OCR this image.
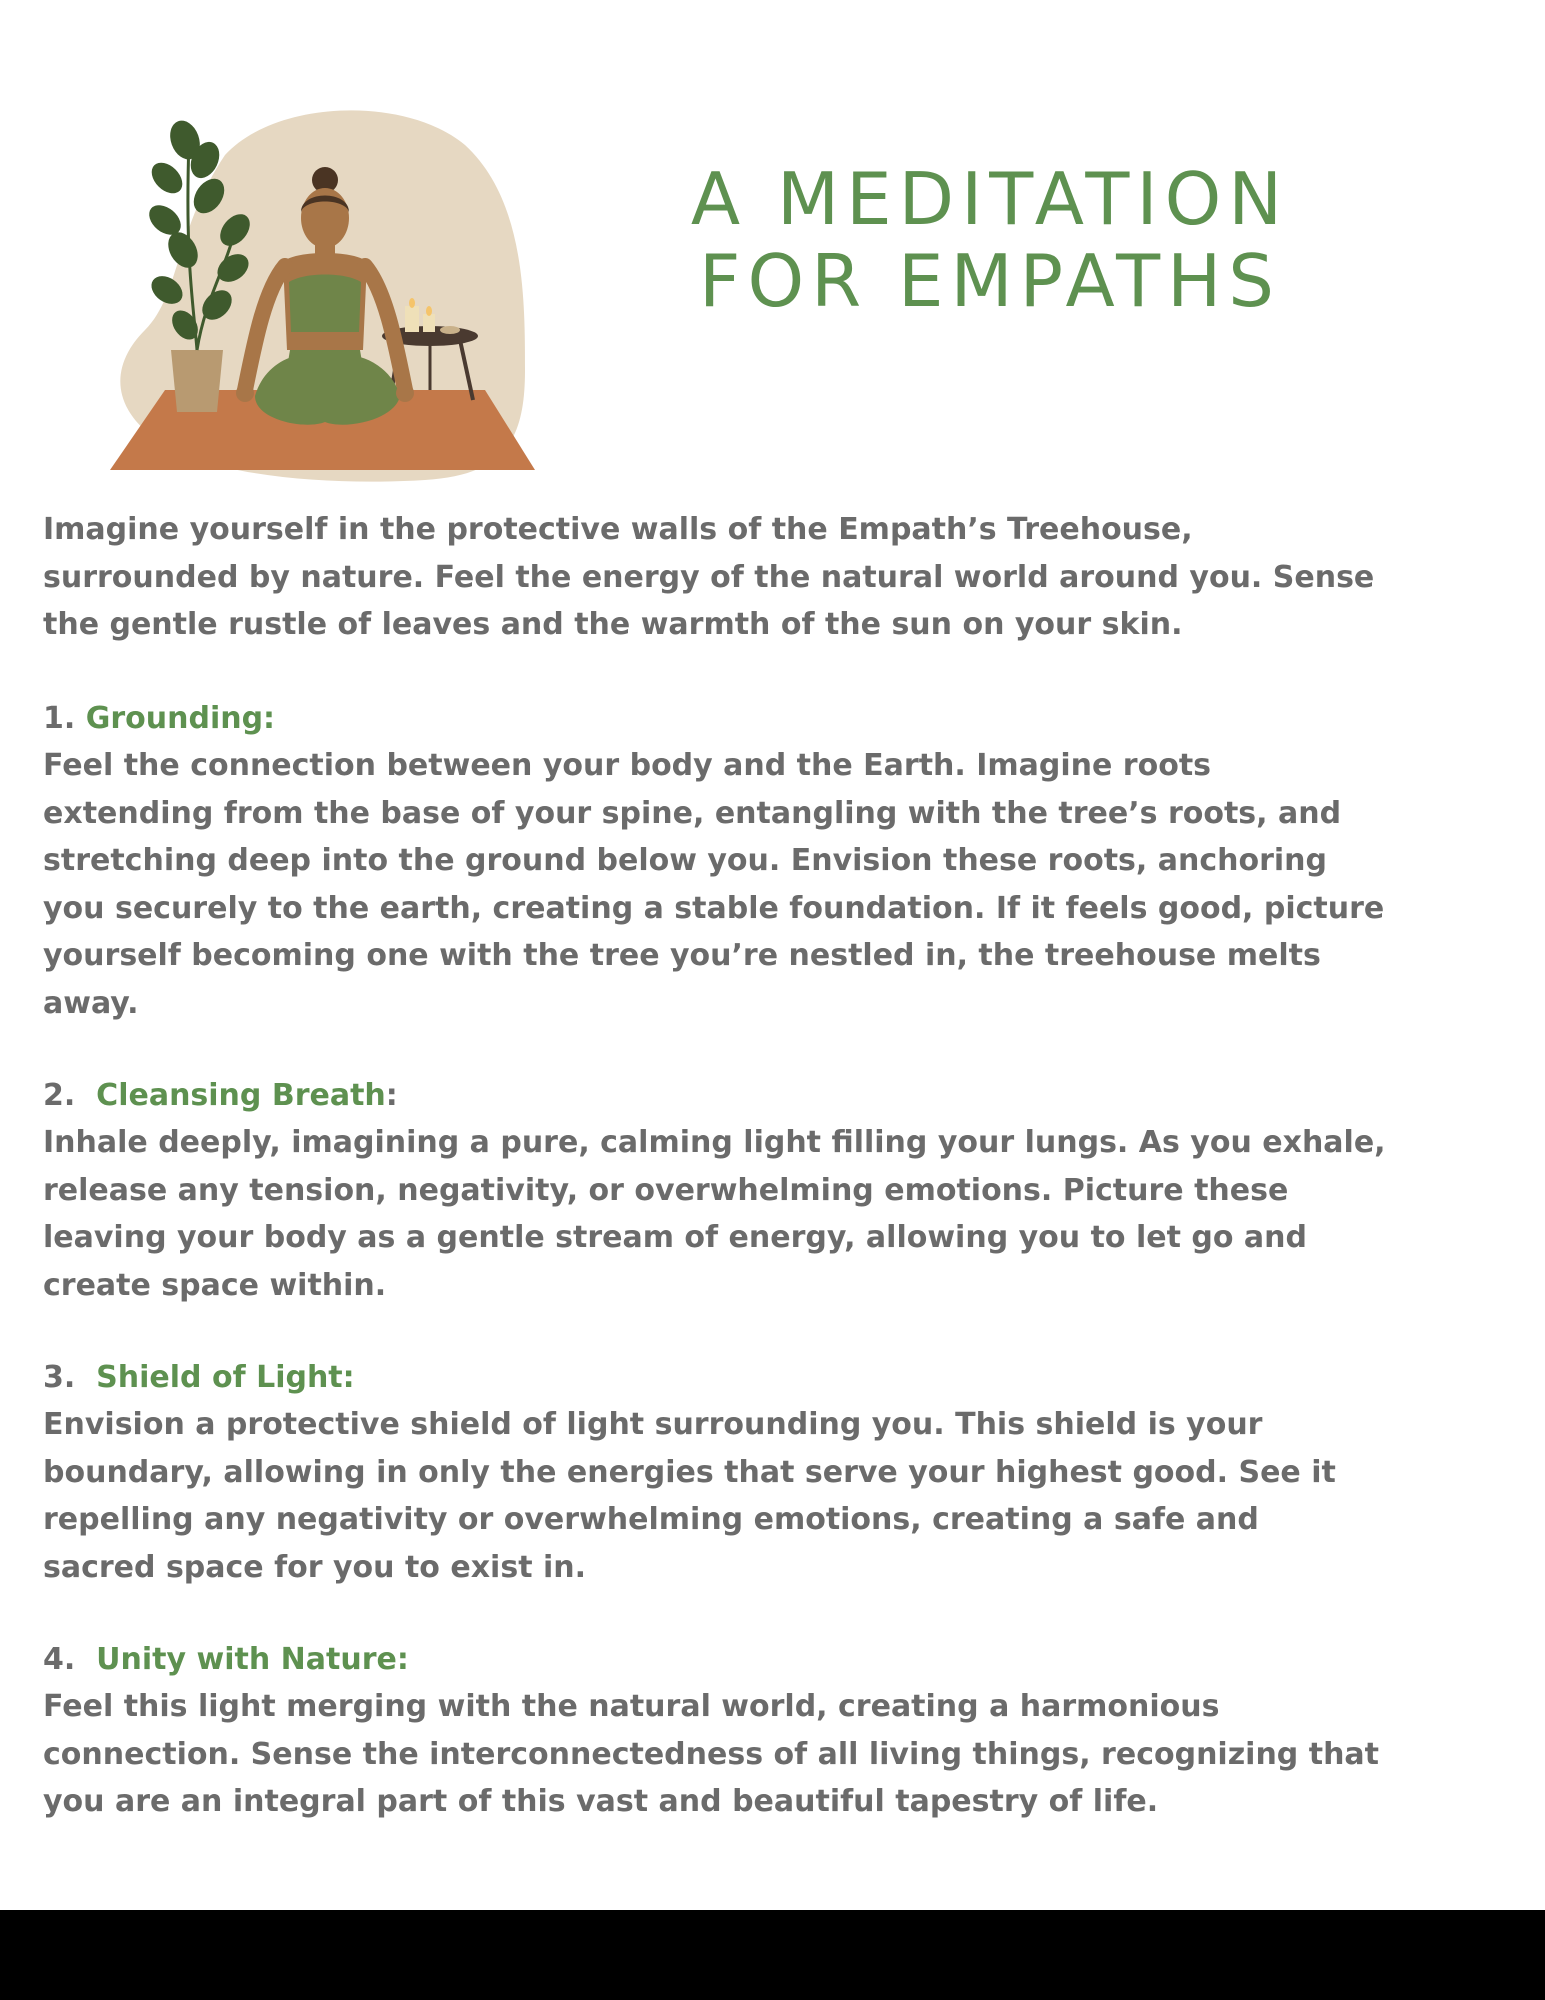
A MEDITATION
FOR EMPATHS

Imagine yourself in the protective walls of the Empath’s Treehouse,
surrounded by nature. Feel the energy of the natural world around you. Sense
the gentle rustle of leaves and the warmth of the sun on your skin.

1. Grounding:

Feel the connection between your body and the Earth. Imagine roots
extending from the base of your spine, entangling with the tree’s roots, and
stretching deep into the ground below you. Envision these roots, anchoring
you securely to the earth, creating a stable foundation. If it feels good, picture
yourself becoming one with the tree you’re nestled in, the treehouse melts
away.

2.  Cleansing Breath:

Inhale deeply, imagining a pure, calming light filling your lungs. As you exhale,
release any tension, negativity, or overwhelming emotions. Picture these
leaving your body as a gentle stream of energy, allowing you to let go and
create space within.

3.  Shield of Light:

Envision a protective shield of light surrounding you. This shield is your
boundary, allowing in only the energies that serve your highest good. See it
repelling any negativity or overwhelming emotions, creating a safe and
sacred space for you to exist in.

4.  Unity with Nature:

Feel this light merging with the natural world, creating a harmonious
connection. Sense the interconnectedness of all living things, recognizing that
you are an integral part of this vast and beautiful tapestry of life.
